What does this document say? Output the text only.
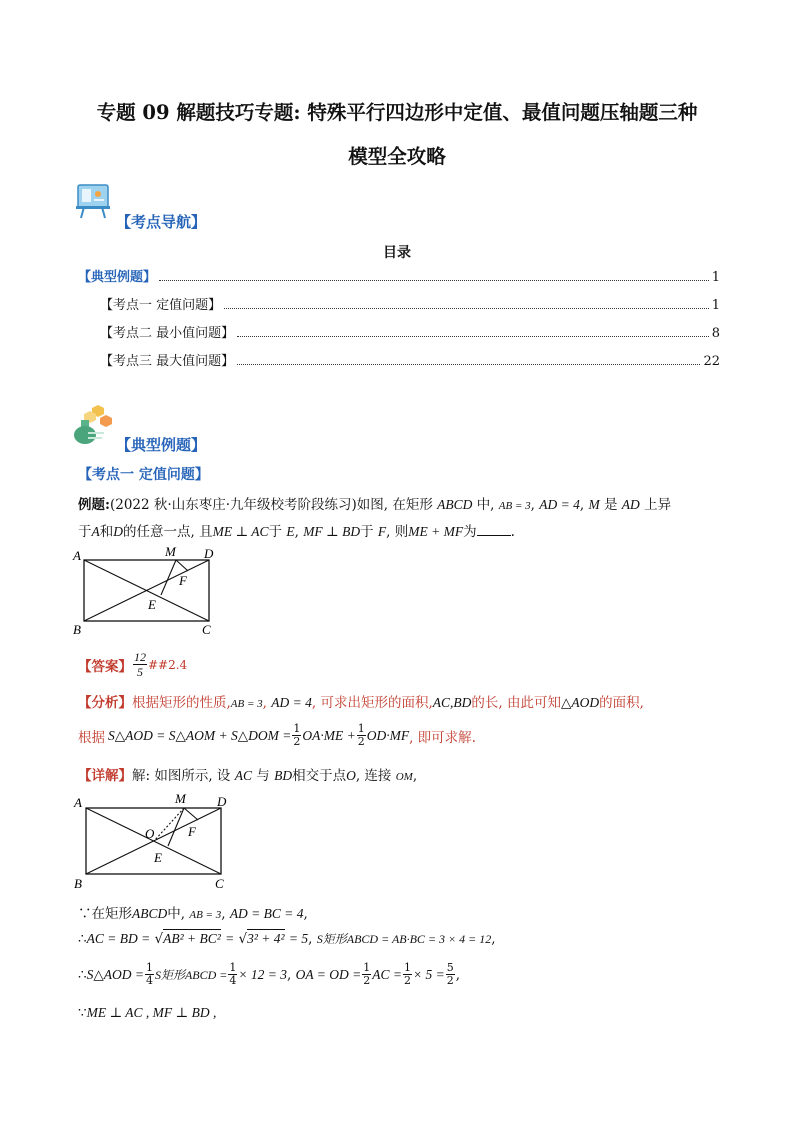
专题 09 解题技巧专题: 特殊平行四边形中定值、最值问题压轴题三种
模型全攻略
【考点导航】
目录
【典型例题】	1
【考点一 定值问题】	1
【考点二 最小值问题】	8
【考点三 最大值问题】	22
【典型例题】
【考点一 定值问题】
例题:(2022 秋·山东枣庄·九年级校考阶段练习)如图, 在矩形 ABCD 中, AB = 3, AD = 4, M 是 AD 上异
于A和D的任意一点, 且ME ⊥ AC于 E, MF ⊥ BD于 F, 则ME + MF为	.
A
B	C
D
M
E
F
【答案】 $\frac{12}{5}$ ##2.4
【分析】根据矩形的性质,AB = 3, AD = 4, 可求出矩形的面积,AC,BD的长, 由此可知△AOD的面积,
根据 S△AOD = S△AOM + S△DOM = $\frac{1}{2} OA\cdot ME + \frac{1}{2} OD\cdot MF$ , 即可求解.
【详解】解: 如图所示, 设 AC 与 BD相交于点O, 连接 OM,
A
B	C
D
M
O
E
F
∵在矩形ABCD中, AB = 3, AD = BC = 4,
∴AC = BD = √AB² + BC² = √3² + 4² = 5, S矩形ABCD = AB·BC = 3 × 4 = 12,
∴ S△AOD = $\frac{1}{4}$ S矩形ABCD = $\frac{1}{4} \times 12 = 3$ , OA = OD = $\frac{1}{2}$ AC = $\frac{1}{2} \times 5 = \frac{5}{2}$ ,
∵ME ⊥ AC , MF ⊥ BD ,
